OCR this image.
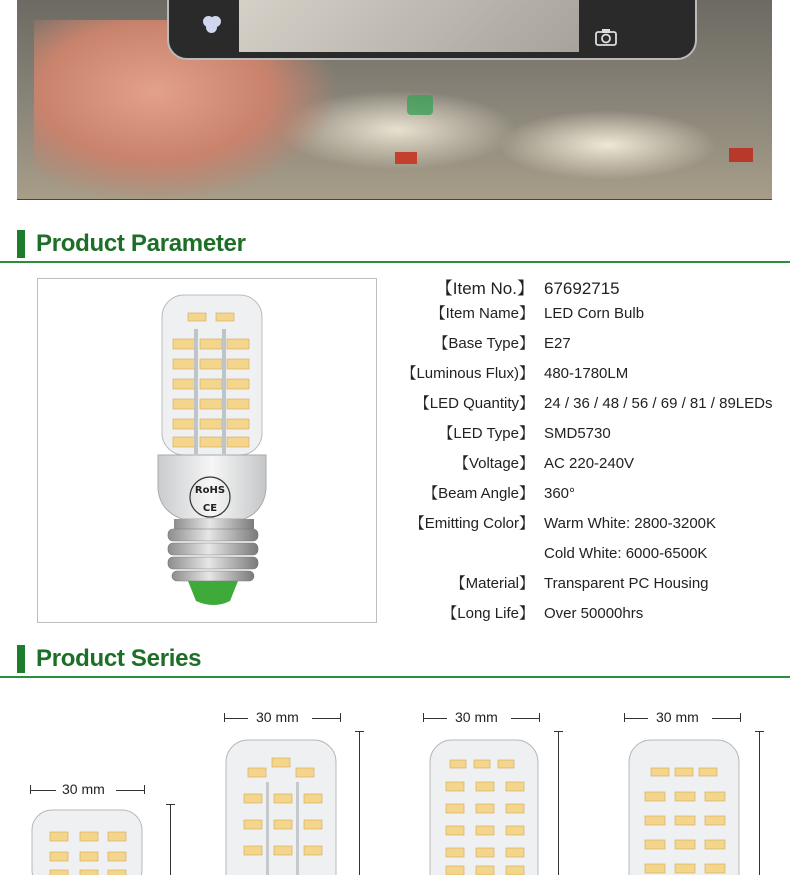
Product Parameter
RoHS
CE
【Item No.】 67692715
【Item Name】 LED Corn Bulb
【Base Type】 E27
【Luminous Flux)】 480-1780LM
【LED Quantity】 24 / 36 / 48 / 56 / 69 / 81 / 89LEDs
【LED Type】 SMD5730
【Voltage】 AC 220-240V
【Beam Angle】 360°
【Emitting Color】 Warm White: 2800-3200K
Cold White: 6000-6500K
【Material】 Transparent PC Housing
【Long Life】 Over 50000hrs
Product Series
30 mm
30 mm	30 mm	30 mm
